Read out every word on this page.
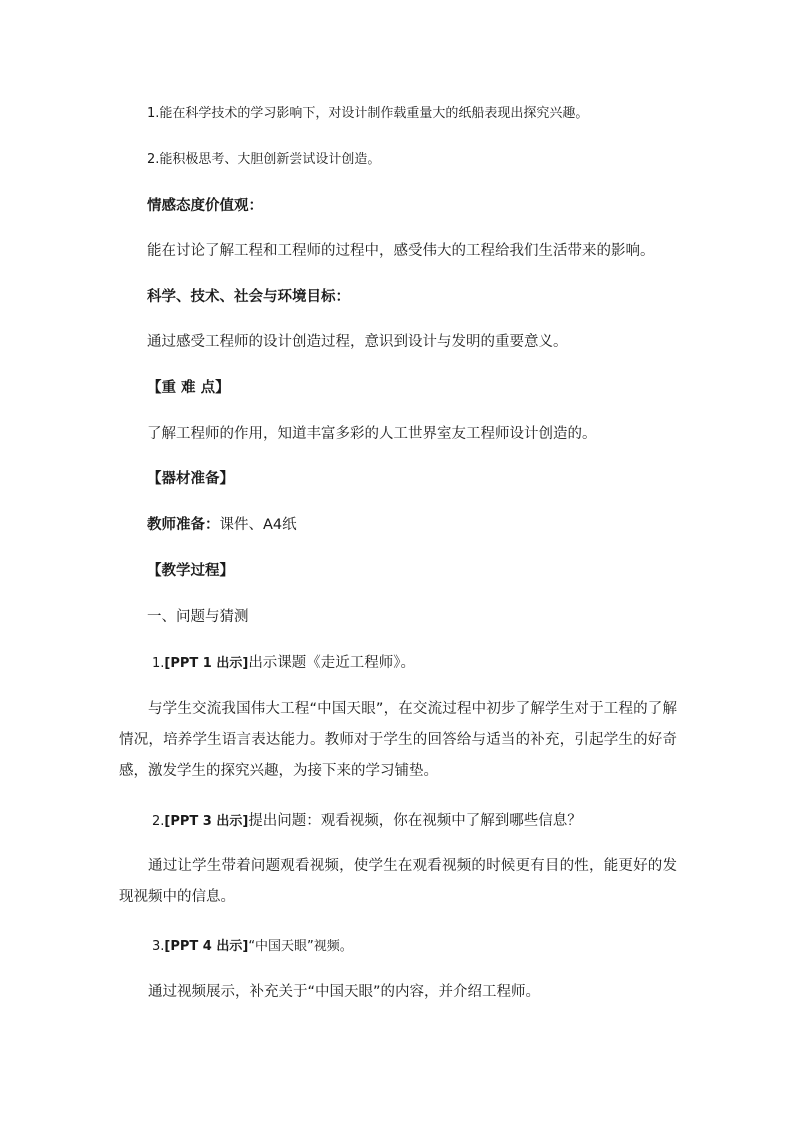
1.能在科学技术的学习影响下，对设计制作载重量大的纸船表现出探究兴趣。
2.能积极思考、大胆创新尝试设计创造。
情感态度价值观：
能在讨论了解工程和工程师的过程中，感受伟大的工程给我们生活带来的影响。
科学、技术、社会与环境目标：
通过感受工程师的设计创造过程，意识到设计与发明的重要意义。
【重 难 点】
了解工程师的作用，知道丰富多彩的人工世界室友工程师设计创造的。
【器材准备】
教师准备：课件、A4纸
【教学过程】
一、问题与猜测
1.[PPT 1 出示]出示课题《走近工程师》。
与学生交流我国伟大工程“中国天眼”，在交流过程中初步了解学生对于工程的了解情况，培养学生语言表达能力。教师对于学生的回答给与适当的补充，引起学生的好奇感，激发学生的探究兴趣，为接下来的学习铺垫。
2.[PPT 3 出示]提出问题：观看视频，你在视频中了解到哪些信息？
通过让学生带着问题观看视频，使学生在观看视频的时候更有目的性，能更好的发现视频中的信息。
3.[PPT 4 出示]“中国天眼”视频。
通过视频展示，补充关于“中国天眼”的内容，并介绍工程师。
